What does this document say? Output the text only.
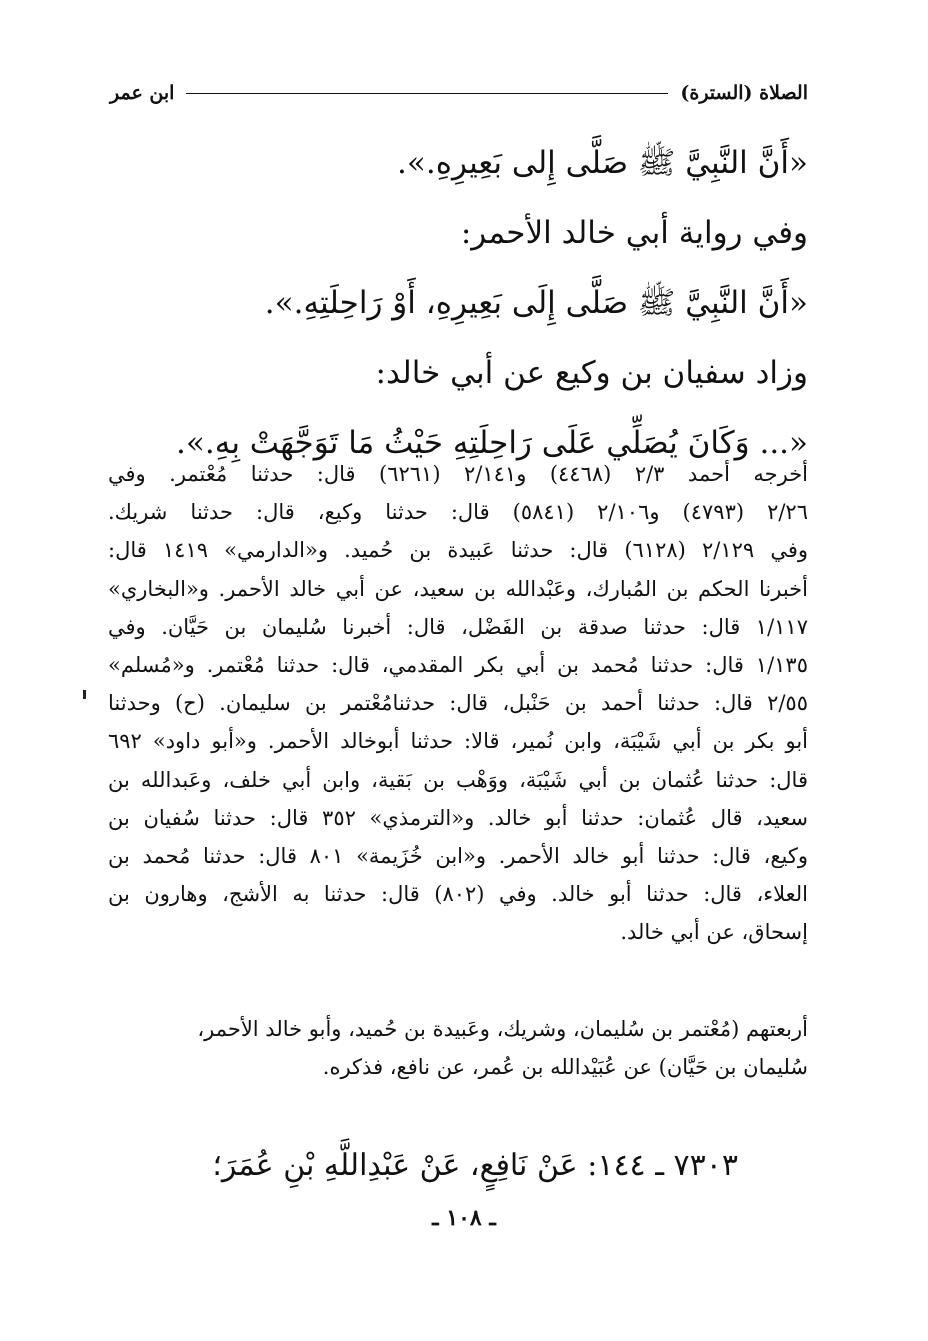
الصلاة (السترة)
ابن عمر
«أَنَّ النَّبِيَّ ﷺ صَلَّى إِلى بَعِيرِهِ.».
وفي رواية أبي خالد الأحمر:
«أَنَّ النَّبِيَّ ﷺ صَلَّى إِلَى بَعِيرِهِ، أَوْ رَاحِلَتِهِ.».
وزاد سفيان بن وكيع عن أبي خالد:
«... وَكَانَ يُصَلِّي عَلَى رَاحِلَتِهِ حَيْثُ مَا تَوَجَّهَتْ بِهِ.».
أخرجه أحمد ٢/٣ (٤٤٦٨) و٢/١٤١ (٦٢٦١) قال: حدثنا مُعْتمر. وفي
٢/٢٦ (٤٧٩٣) و٢/١٠٦ (٥٨٤١) قال: حدثنا وكيع، قال: حدثنا شريك.
وفي ٢/١٢٩ (٦١٢٨) قال: حدثنا عَبيدة بن حُميد. و«الدارمي» ١٤١٩ قال:
أخبرنا الحكم بن المُبارك، وعَبْدالله بن سعيد، عن أبي خالد الأحمر. و«البخاري»
١/١١٧ قال: حدثنا صدقة بن الفَضْل، قال: أخبرنا سُليمان بن حَيَّان. وفي
١/١٣٥ قال: حدثنا مُحمد بن أبي بكر المقدمي، قال: حدثنا مُعْتمر. و«مُسلم»
٢/٥٥ قال: حدثنا أحمد بن حَنْبل، قال: حدثنامُعْتمر بن سليمان. (ح) وحدثنا
أبو بكر بن أبي شَيْبَة، وابن نُمير، قالا: حدثنا أبوخالد الأحمر. و«أبو داود» ٦٩٢
قال: حدثنا عُثمان بن أبي شَيْبَة، ووَهْب بن بَقية، وابن أبي خلف، وعَبدالله بن
سعيد، قال عُثمان: حدثنا أبو خالد. و«الترمذي» ٣٥٢ قال: حدثنا سُفيان بن
وكيع، قال: حدثنا أبو خالد الأحمر. و«ابن خُزَيمة» ٨٠١ قال: حدثنا مُحمد بن
العلاء، قال: حدثنا أبو خالد. وفي (٨٠٢) قال: حدثنا به الأشج، وهارون بن
إسحاق، عن أبي خالد.
أربعتهم (مُعْتمر بن سُليمان، وشريك، وعَبيدة بن حُميد، وأبو خالد الأحمر،
سُليمان بن حَيَّان) عن عُبَيْدالله بن عُمر، عن نافع، فذكره.
٧٣٠٣ ـ ١٤٤: عَنْ نَافِعٍ، عَنْ عَبْدِاللَّهِ بْنِ عُمَرَ؛
ـ ١٠٨ ـ
